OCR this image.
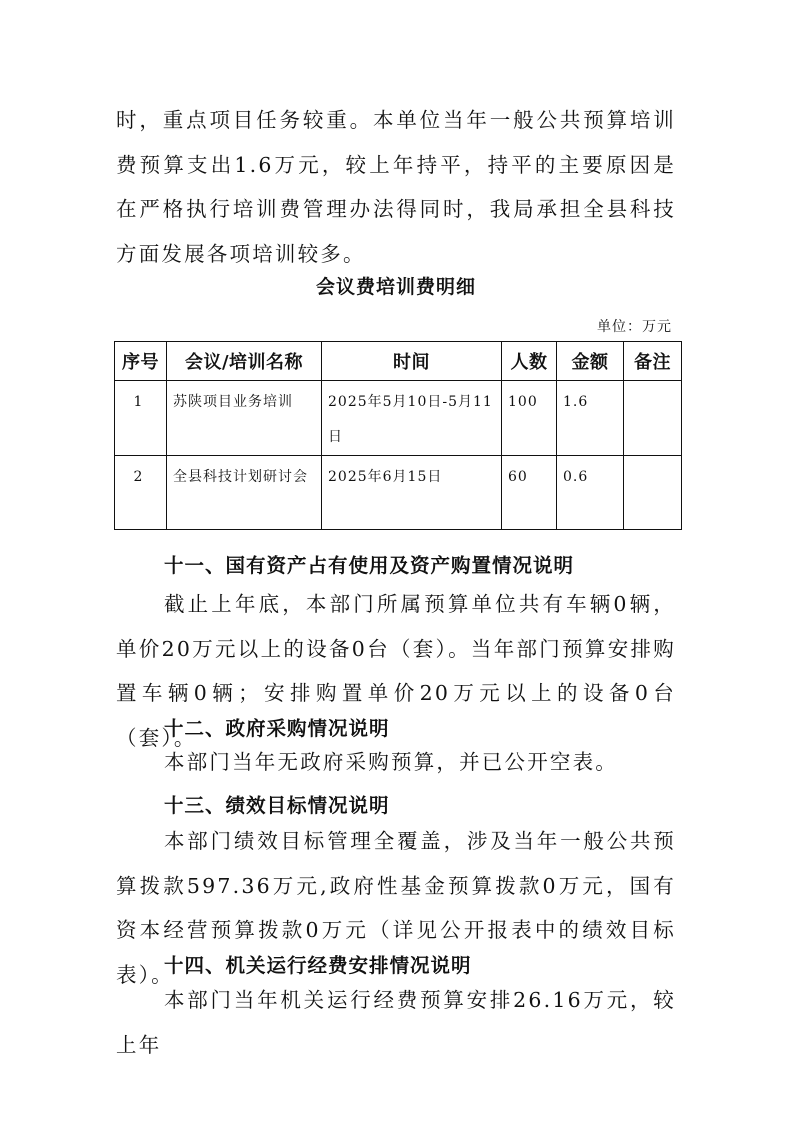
时，重点项目任务较重。本单位当年一般公共预算培训费预算支出1.6万元，较上年持平，持平的主要原因是在严格执行培训费管理办法得同时，我局承担全县科技方面发展各项培训较多。

会议费培训费明细
单位：万元
序号	会议/培训名称	时间	人数	金额	备注
1	苏陕项目业务培训	2025年5月10日-5月11日	100	1.6	
2	全县科技计划研讨会	2025年6月15日	60	0.6	
十一、国有资产占有使用及资产购置情况说明

截止上年底，本部门所属预算单位共有车辆0辆，单价20万元以上的设备0台（套）。当年部门预算安排购置车辆0辆；安排购置单价20万元以上的设备0台（套）。

十二、政府采购情况说明

本部门当年无政府采购预算，并已公开空表。

十三、绩效目标情况说明

本部门绩效目标管理全覆盖，涉及当年一般公共预算拨款597.36万元,政府性基金预算拨款0万元，国有资本经营预算拨款0万元（详见公开报表中的绩效目标表）。

十四、机关运行经费安排情况说明

本部门当年机关运行经费预算安排26.16万元，较上年
